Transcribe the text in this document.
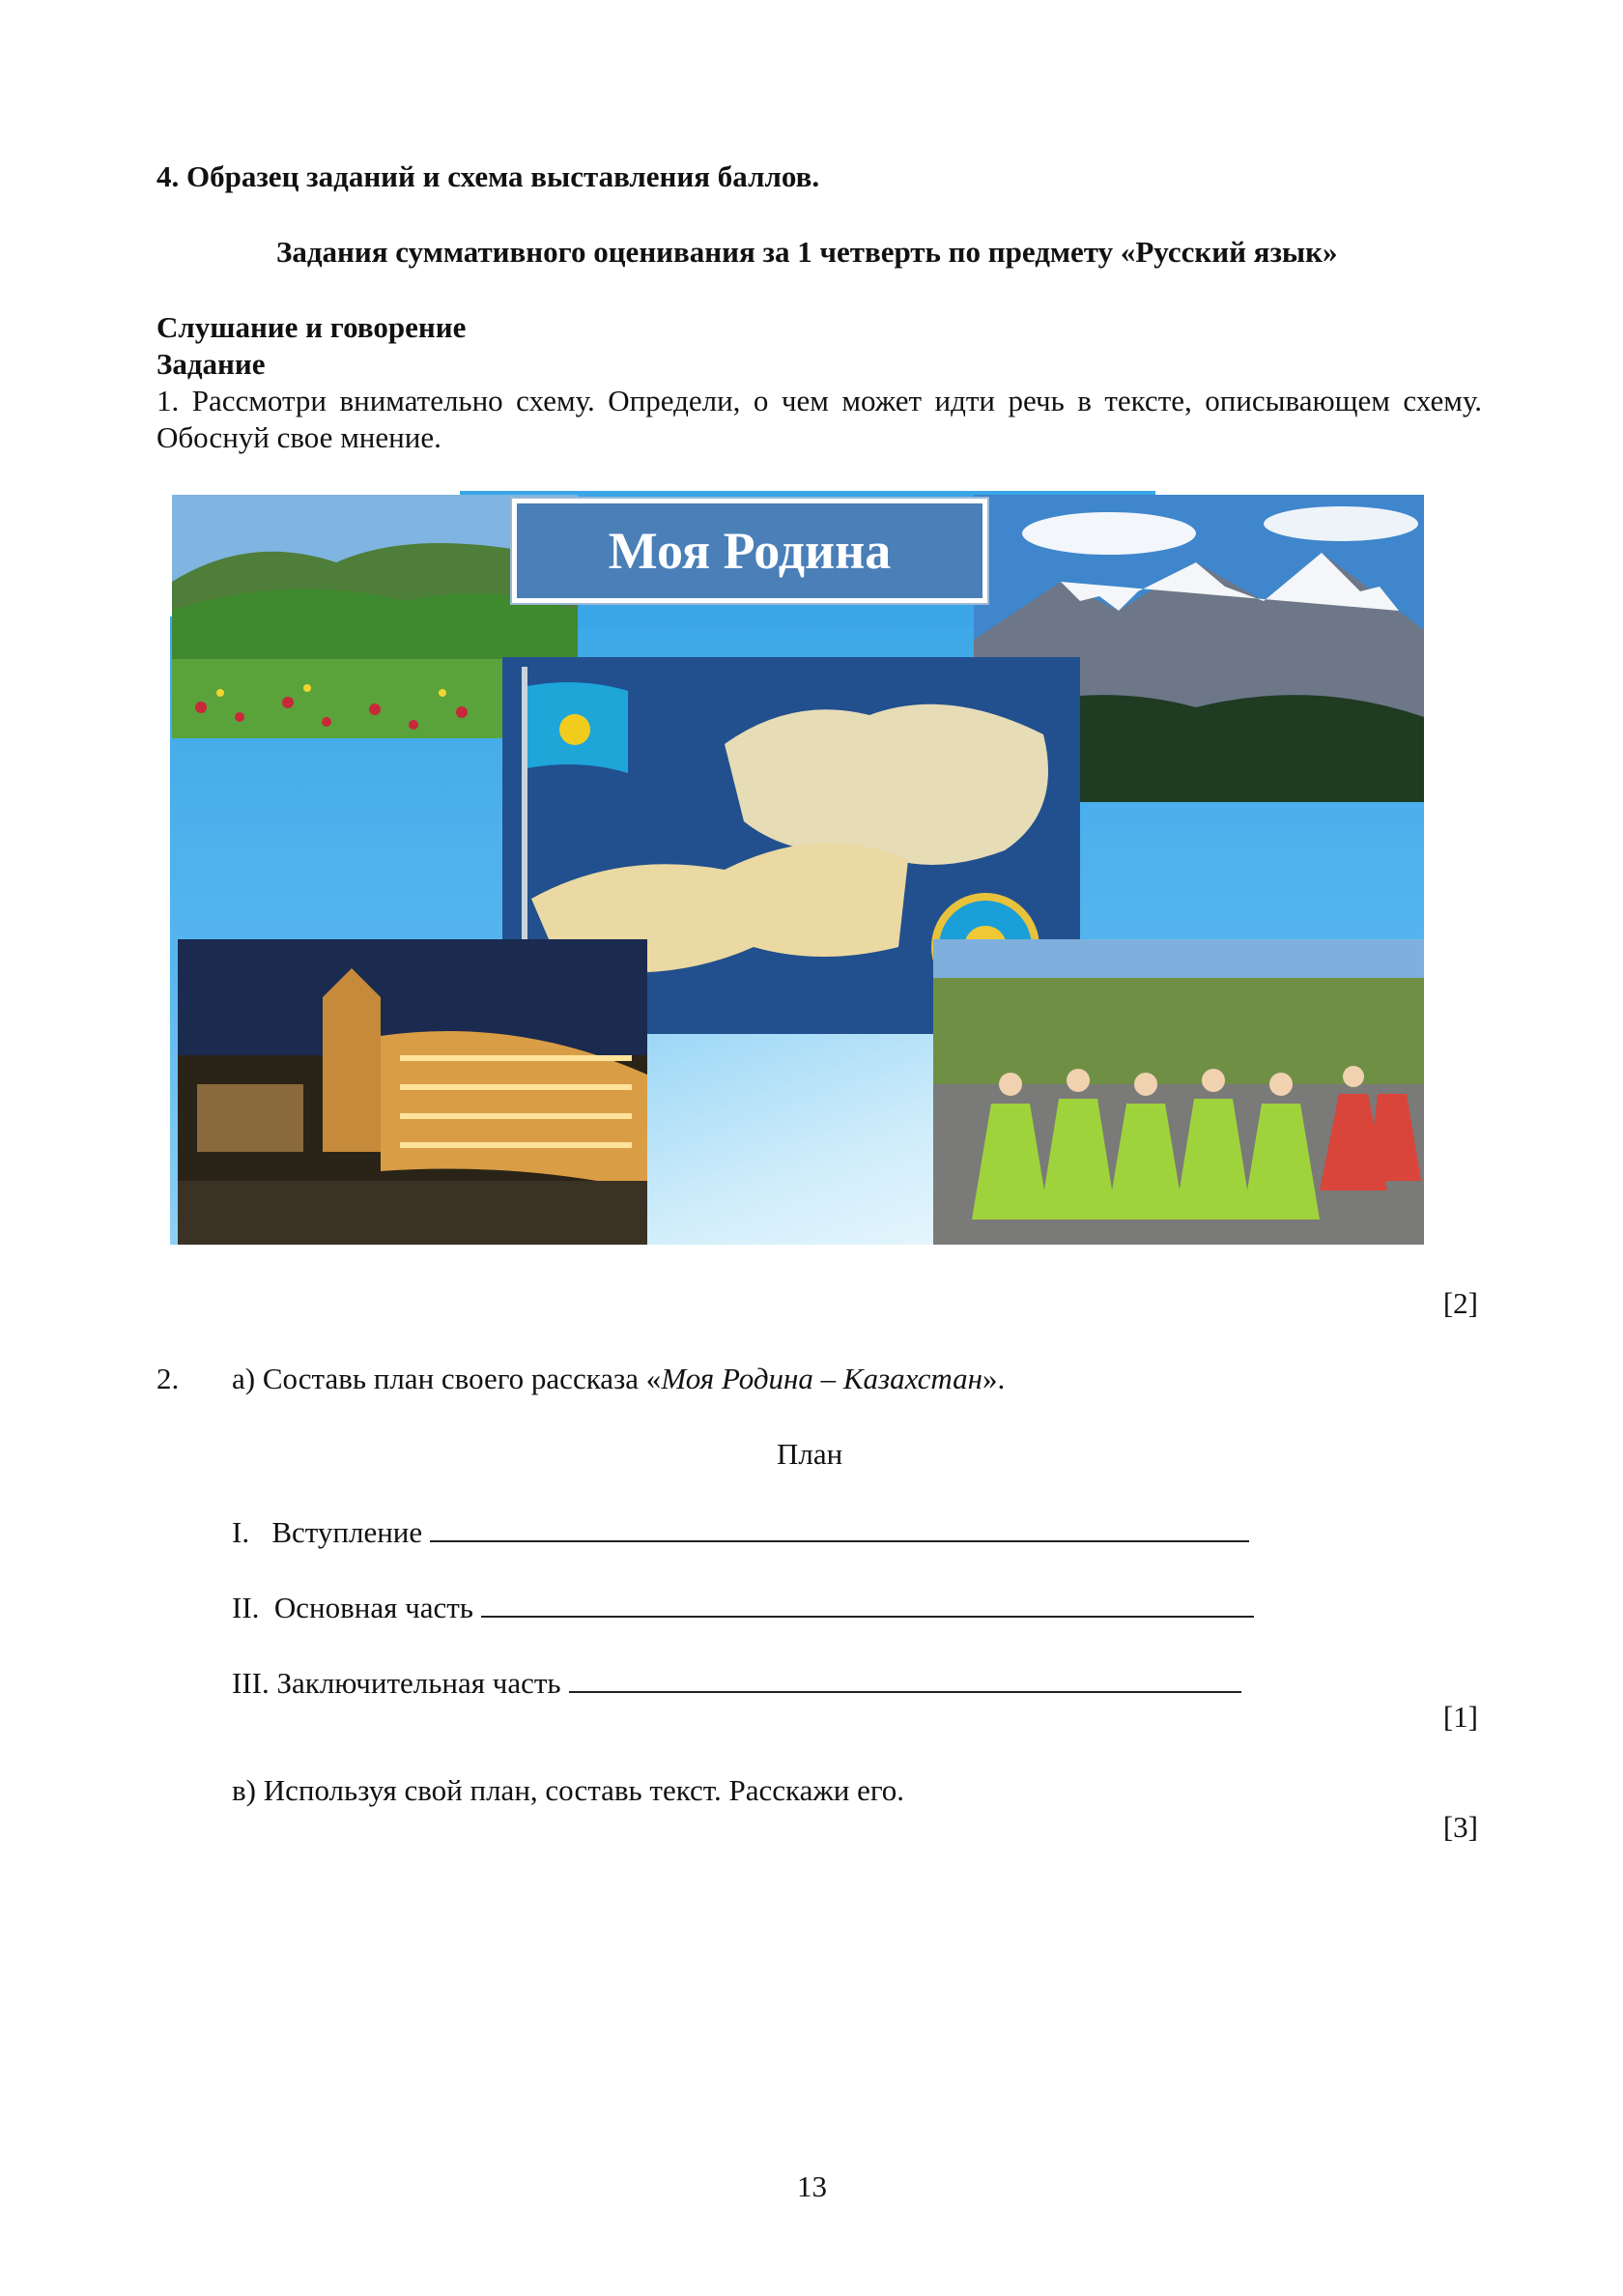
4. Образец заданий и схема выставления баллов.

Задания суммативного оценивания за 1 четверть по предмету «Русский язык»

Слушание и говорение

Задание

1. Рассмотри внимательно схему. Определи, о чем может идти речь в тексте, описывающем схему. Обоснуй свое мнение.

Моя Родина
[2]
2. а) Составь план своего рассказа «Моя Родина – Казахстан».

План

I. Вступление
II. Основная часть
III. Заключительная часть
[1]

в) Используя свой план, составь текст. Расскажи его.

[3]

13
